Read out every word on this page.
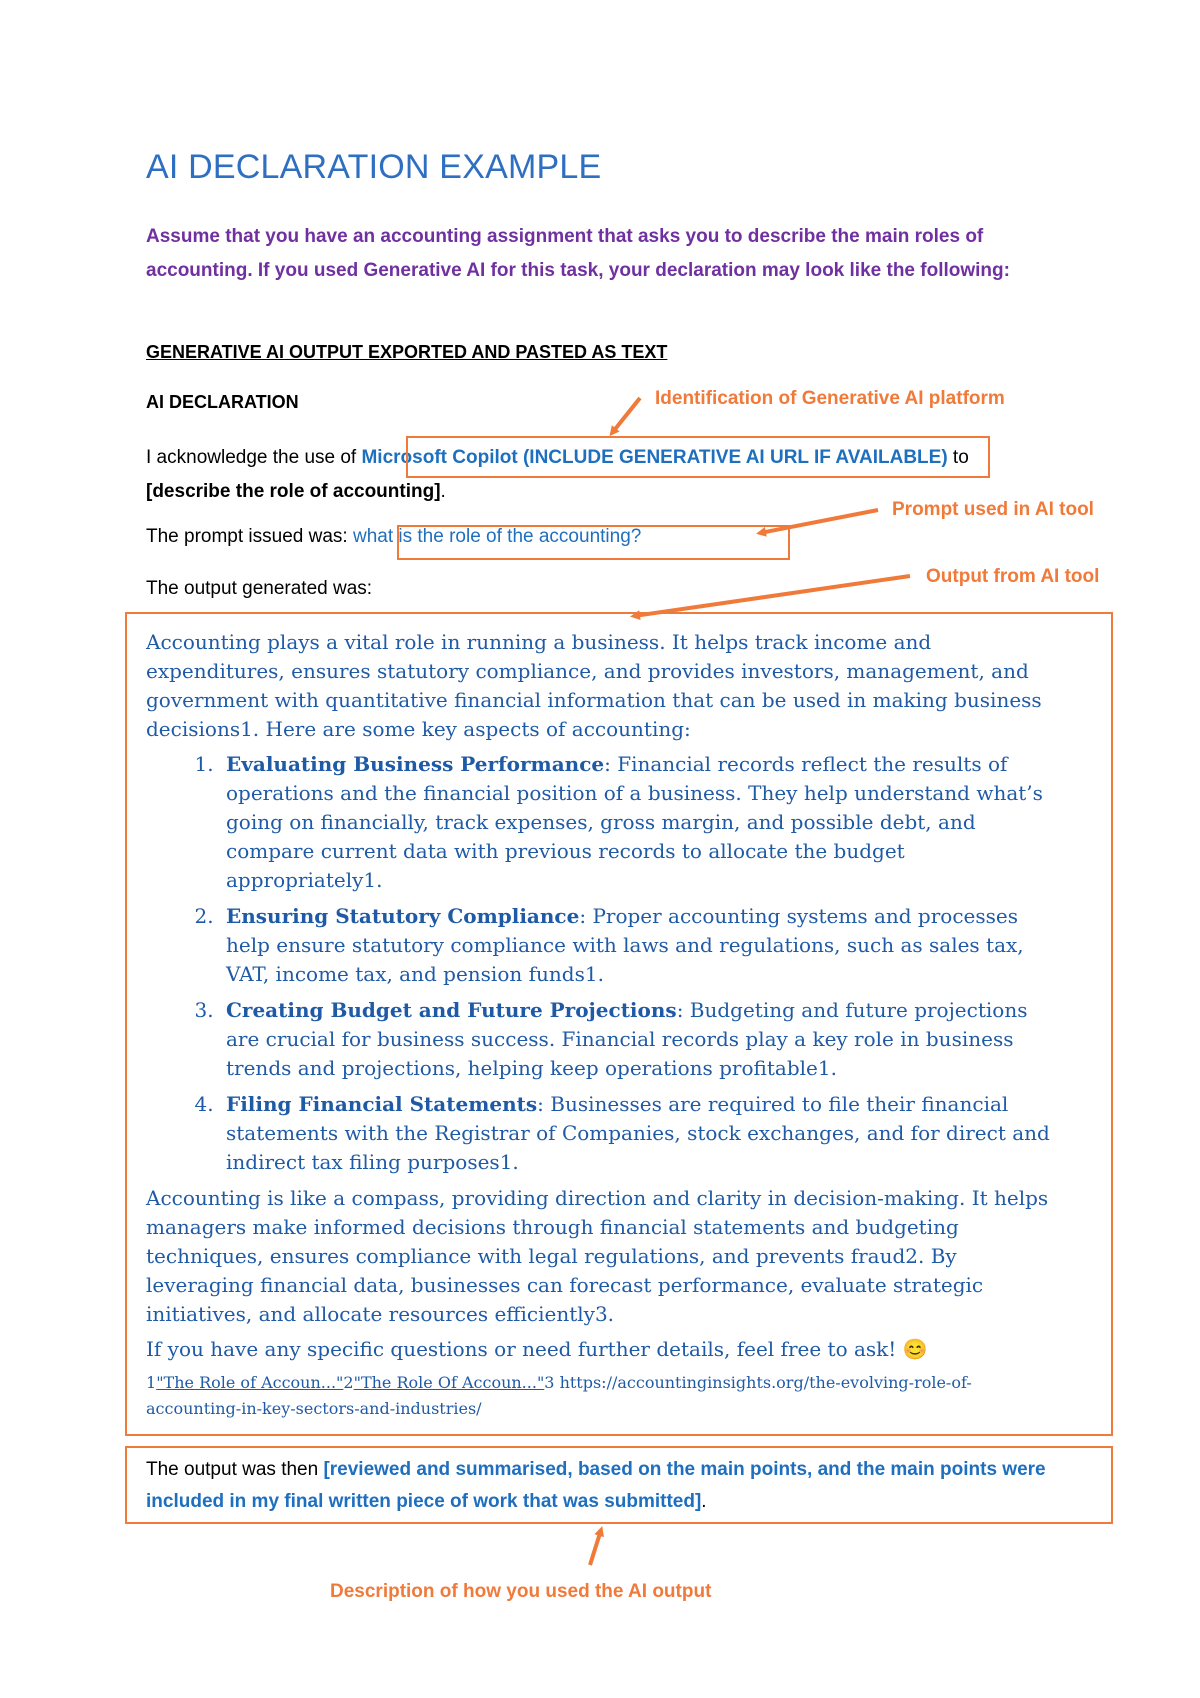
AI DECLARATION EXAMPLE
Assume that you have an accounting assignment that asks you to describe the main roles of accounting. If you used Generative AI for this task, your declaration may look like the following:
GENERATIVE AI OUTPUT EXPORTED AND PASTED AS TEXT
AI DECLARATION
I acknowledge the use of Microsoft Copilot (INCLUDE GENERATIVE AI URL IF AVAILABLE) to [describe the role of accounting].
The prompt issued was: what is the role of the accounting?
The output generated was:

Accounting plays a vital role in running a business. It helps track income and expenditures, ensures statutory compliance, and provides investors, management, and government with quantitative financial information that can be used in making business decisions1. Here are some key aspects of accounting:

1. Evaluating Business Performance: Financial records reflect the results of operations and the financial position of a business. They help understand what’s going on financially, track expenses, gross margin, and possible debt, and compare current data with previous records to allocate the budget appropriately1.
2. Ensuring Statutory Compliance: Proper accounting systems and processes help ensure statutory compliance with laws and regulations, such as sales tax, VAT, income tax, and pension funds1.
3. Creating Budget and Future Projections: Budgeting and future projections are crucial for business success. Financial records play a key role in business trends and projections, helping keep operations profitable1.
4. Filing Financial Statements: Businesses are required to file their financial statements with the Registrar of Companies, stock exchanges, and for direct and indirect tax filing purposes1.

Accounting is like a compass, providing direction and clarity in decision-making. It helps managers make informed decisions through financial statements and budgeting techniques, ensures compliance with legal regulations, and prevents fraud2. By leveraging financial data, businesses can forecast performance, evaluate strategic initiatives, and allocate resources efficiently3.

If you have any specific questions or need further details, feel free to ask! 😊

1"The Role of Accoun..."2"The Role Of Accoun..."3 https://accountinginsights.org/the-evolving-role-of-accounting-in-key-sectors-and-industries/
The output was then [reviewed and summarised, based on the main points, and the main points were included in my final written piece of work that was submitted].
Identification of Generative AI platform
Prompt used in AI tool
Output from AI tool
Description of how you used the AI output
